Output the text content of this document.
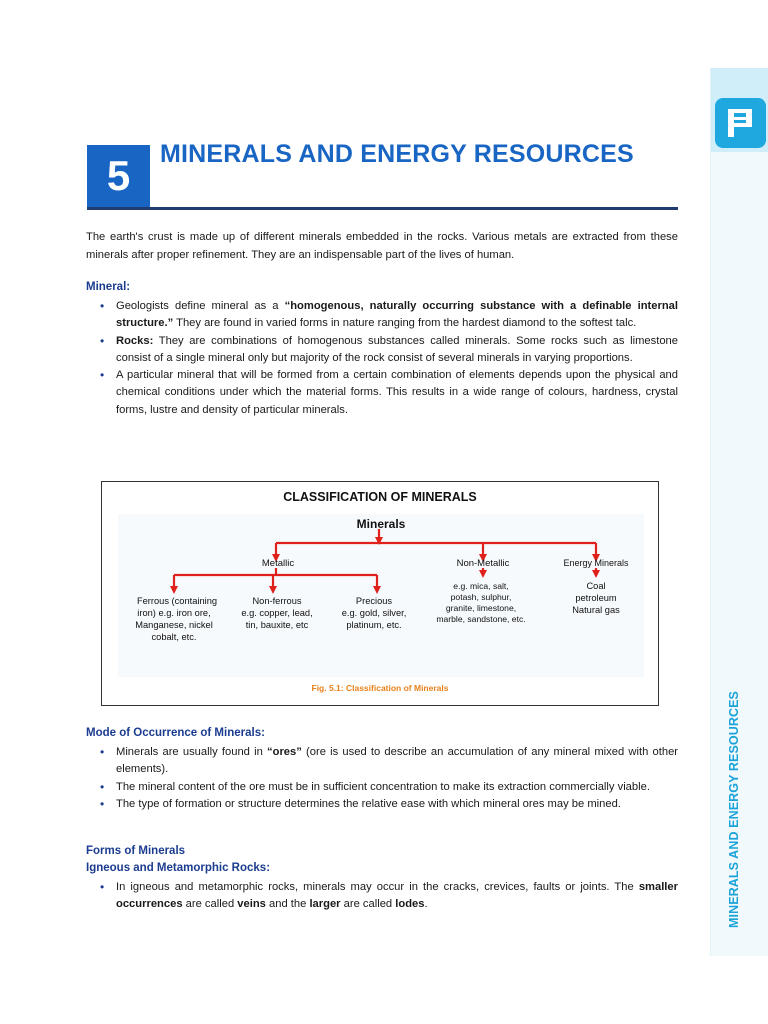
MINERALS AND ENERGY RESOURCES
5	MINERALS AND ENERGY RESOURCES

The earth's crust is made up of different minerals embedded in the rocks. Various metals are extracted from these minerals after proper refinement. They are an indispensable part of the lives of human.

Mineral:
• Geologists define mineral as a “homogenous, naturally occurring substance with a definable internal structure.” They are found in varied forms in nature ranging from the hardest diamond to the softest talc.
• Rocks: They are combinations of homogenous substances called minerals. Some rocks such as limestone consist of a single mineral only but majority of the rock consist of several minerals in varying proportions.
• A particular mineral that will be formed from a certain combination of elements depends upon the physical and chemical conditions under which the material forms. This results in a wide range of colours, hardness, crystal forms, lustre and density of particular minerals.
CLASSIFICATION OF MINERALS
Minerals
Metallic	Non-Metallic	Energy Minerals
Ferrous (containing
iron) e.g. iron ore,
Manganese, nickel
cobalt, etc.
Non-ferrous
e.g. copper, lead,
tin, bauxite, etc
Precious
e.g. gold, silver,
platinum, etc.
e.g. mica, salt,
potash, sulphur,
granite, limestone,
marble, sandstone, etc.
Coal
petroleum
Natural gas
Fig. 5.1: Classification of Minerals
Mode of Occurrence of Minerals:
• Minerals are usually found in “ores” (ore is used to describe an accumulation of any mineral mixed with other elements).
• The mineral content of the ore must be in sufficient concentration to make its extraction commercially viable.
• The type of formation or structure determines the relative ease with which mineral ores may be mined.
Forms of Minerals
Igneous and Metamorphic Rocks:
• In igneous and metamorphic rocks, minerals may occur in the cracks, crevices, faults or joints. The smaller occurrences are called veins and the larger are called lodes.
